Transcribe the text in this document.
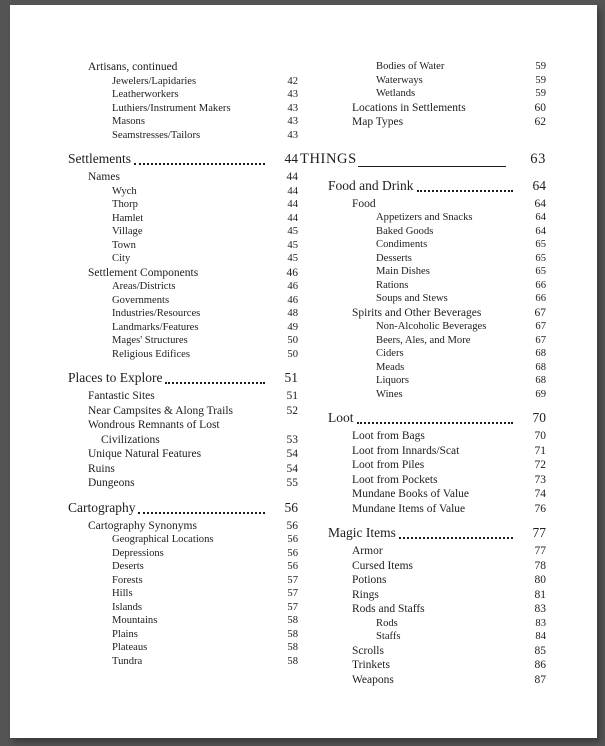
Artisans, continued
Jewelers/Lapidaries	42
Leatherworkers	43
Luthiers/Instrument Makers	43
Masons	43
Seamstresses/Tailors	43
Settlements	44
Names	44
Wych	44
Thorp	44
Hamlet	44
Village	45
Town	45
City	45
Settlement Components	46
Areas/Districts	46
Governments	46
Industries/Resources	48
Landmarks/Features	49
Mages' Structures	50
Religious Edifices	50
Places to Explore	51
Fantastic Sites	51
Near Campsites & Along Trails	52
Wondrous Remnants of Lost
Civilizations	53
Unique Natural Features	54
Ruins	54
Dungeons	55
Cartography	56
Cartography Synonyms	56
Geographical Locations	56
Depressions	56
Deserts	56
Forests	57
Hills	57
Islands	57
Mountains	58
Plains	58
Plateaus	58
Tundra	58
Bodies of Water	59
Waterways	59
Wetlands	59
Locations in Settlements	60
Map Types	62
THINGS	63
Food and Drink	64
Food	64
Appetizers and Snacks	64
Baked Goods	64
Condiments	65
Desserts	65
Main Dishes	65
Rations	66
Soups and Stews	66
Spirits and Other Beverages	67
Non-Alcoholic Beverages	67
Beers, Ales, and More	67
Ciders	68
Meads	68
Liquors	68
Wines	69
Loot	70
Loot from Bags	70
Loot from Innards/Scat	71
Loot from Piles	72
Loot from Pockets	73
Mundane Books of Value	74
Mundane Items of Value	76
Magic Items	77
Armor	77
Cursed Items	78
Potions	80
Rings	81
Rods and Staffs	83
Rods	83
Staffs	84
Scrolls	85
Trinkets	86
Weapons	87
